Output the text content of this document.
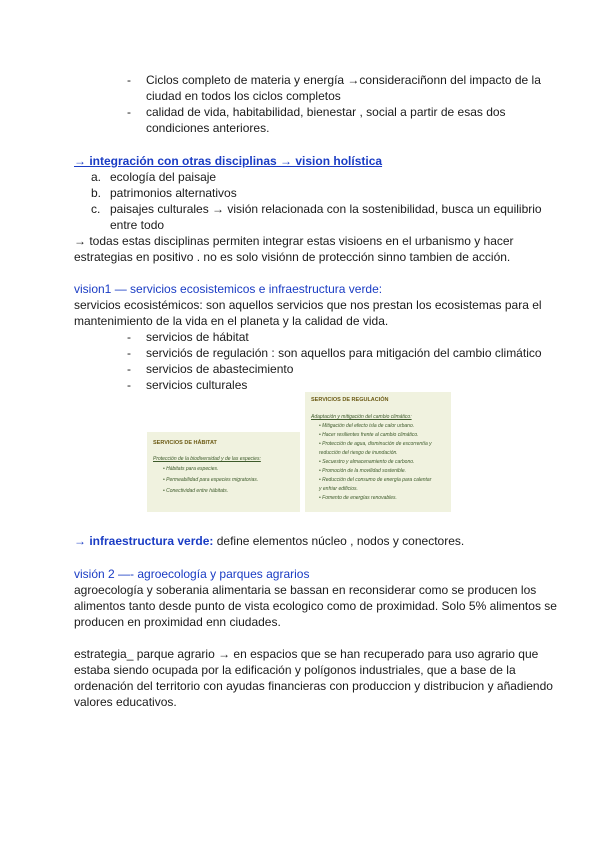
- Ciclos completo de materia y energía →consideraciñonn del impacto de la
ciudad en todos los ciclos completos
- calidad de vida, habitabilidad, bienestar , social a partir de esas dos
condiciones anteriores.
→ integración con otras disciplinas → vision holística
a. ecología del paisaje
b. patrimonios alternativos
c. paisajes culturales → visión relacionada con la sostenibilidad, busca un equilibrio
entre todo
→ todas estas disciplinas permiten integrar estas visioens en el urbanismo y hacer
estrategias en positivo . no es solo visiónn de protección sinno tambien de acción.
vision1 — servicios ecosistemicos e infraestructura verde:
servicios ecosistémicos: son aquellos servicios que nos prestan los ecosistemas para el
mantenimiento de la vida en el planeta y la calidad de vida.
- servicios de hábitat
- serviciós de regulación : son aquellos para mitigación del cambio climático
- servicios de abastecimiento
- servicios culturales
SERVICIOS DE HÁBITAT
Protección de la biodiversidad y de las especies:
• Hábitats para especies.
• Permeabilidad para especies migratorias.
• Conectividad entre hábitats.
SERVICIOS DE REGULACIÓN
Adaptación y mitigación del cambio climático:
• Mitigación del efecto isla de calor urbano.
• Hacer resilientes frente al cambio climático.
• Protección de agua, disminución de escorrentía y
reducción del riesgo de inundación.
• Secuestro y almacenamiento de carbono.
• Promoción de la movilidad sostenible.
• Reducción del consumo de energía para calentar
y enfriar edificios.
• Fomento de energías renovables.
→ infraestructura verde: define elementos núcleo , nodos y conectores.
visión 2 —- agroecología y parques agrarios
agroecología y soberania alimentaria se bassan en reconsiderar como se producen los
alimentos tanto desde punto de vista ecologico como de proximidad. Solo 5% alimentos se
producen en proximidad enn ciudades.
estrategia_ parque agrario → en espacios que se han recuperado para uso agrario que
estaba siendo ocupada por la edificación y polígonos industriales, que a base de la
ordenación del territorio con ayudas financieras con produccion y distribucion y añadiendo
valores educativos.
